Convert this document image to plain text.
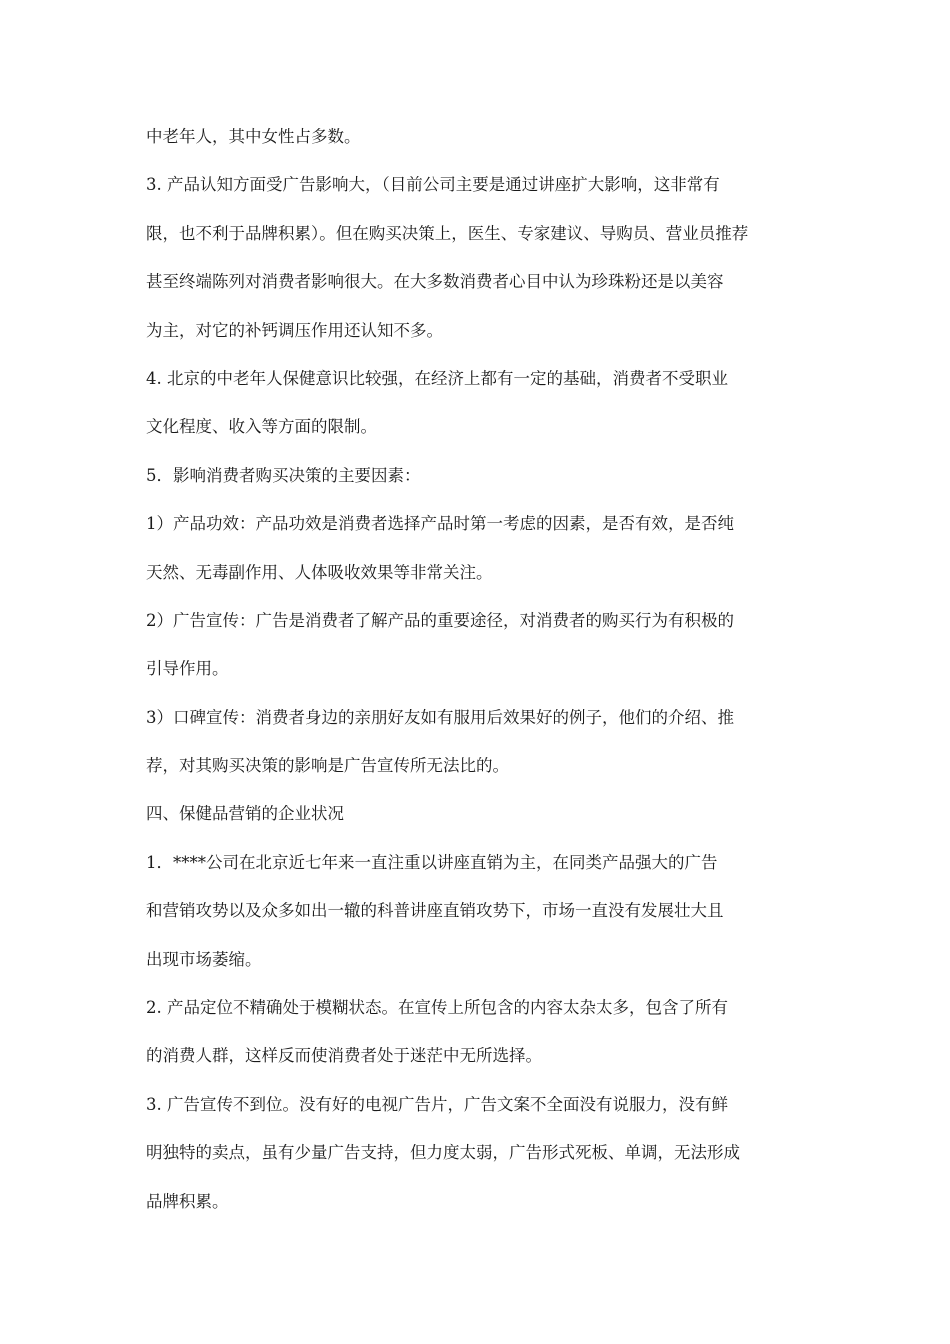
中老年人，其中女性占多数。
3. 产品认知方面受广告影响大，（目前公司主要是通过讲座扩大影响，这非常有
限，也不利于品牌积累）。但在购买决策上，医生、专家建议、导购员、营业员推荐
甚至终端陈列对消费者影响很大。在大多数消费者心目中认为珍珠粉还是以美容
为主，对它的补钙调压作用还认知不多。
4. 北京的中老年人保健意识比较强，在经济上都有一定的基础，消费者不受职业
文化程度、收入等方面的限制。
5．影响消费者购买决策的主要因素：
1）产品功效：产品功效是消费者选择产品时第一考虑的因素，是否有效，是否纯
天然、无毒副作用、人体吸收效果等非常关注。
2）广告宣传：广告是消费者了解产品的重要途径，对消费者的购买行为有积极的
引导作用。
3）口碑宣传：消费者身边的亲朋好友如有服用后效果好的例子，他们的介绍、推
荐，对其购买决策的影响是广告宣传所无法比的。
四、保健品营销的企业状况
1．****公司在北京近七年来一直注重以讲座直销为主，在同类产品强大的广告
和营销攻势以及众多如出一辙的科普讲座直销攻势下，市场一直没有发展壮大且
出现市场萎缩。
2. 产品定位不精确处于模糊状态。在宣传上所包含的内容太杂太多，包含了所有
的消费人群，这样反而使消费者处于迷茫中无所选择。
3. 广告宣传不到位。没有好的电视广告片，广告文案不全面没有说服力，没有鲜
明独特的卖点，虽有少量广告支持，但力度太弱，广告形式死板、单调，无法形成
品牌积累。
